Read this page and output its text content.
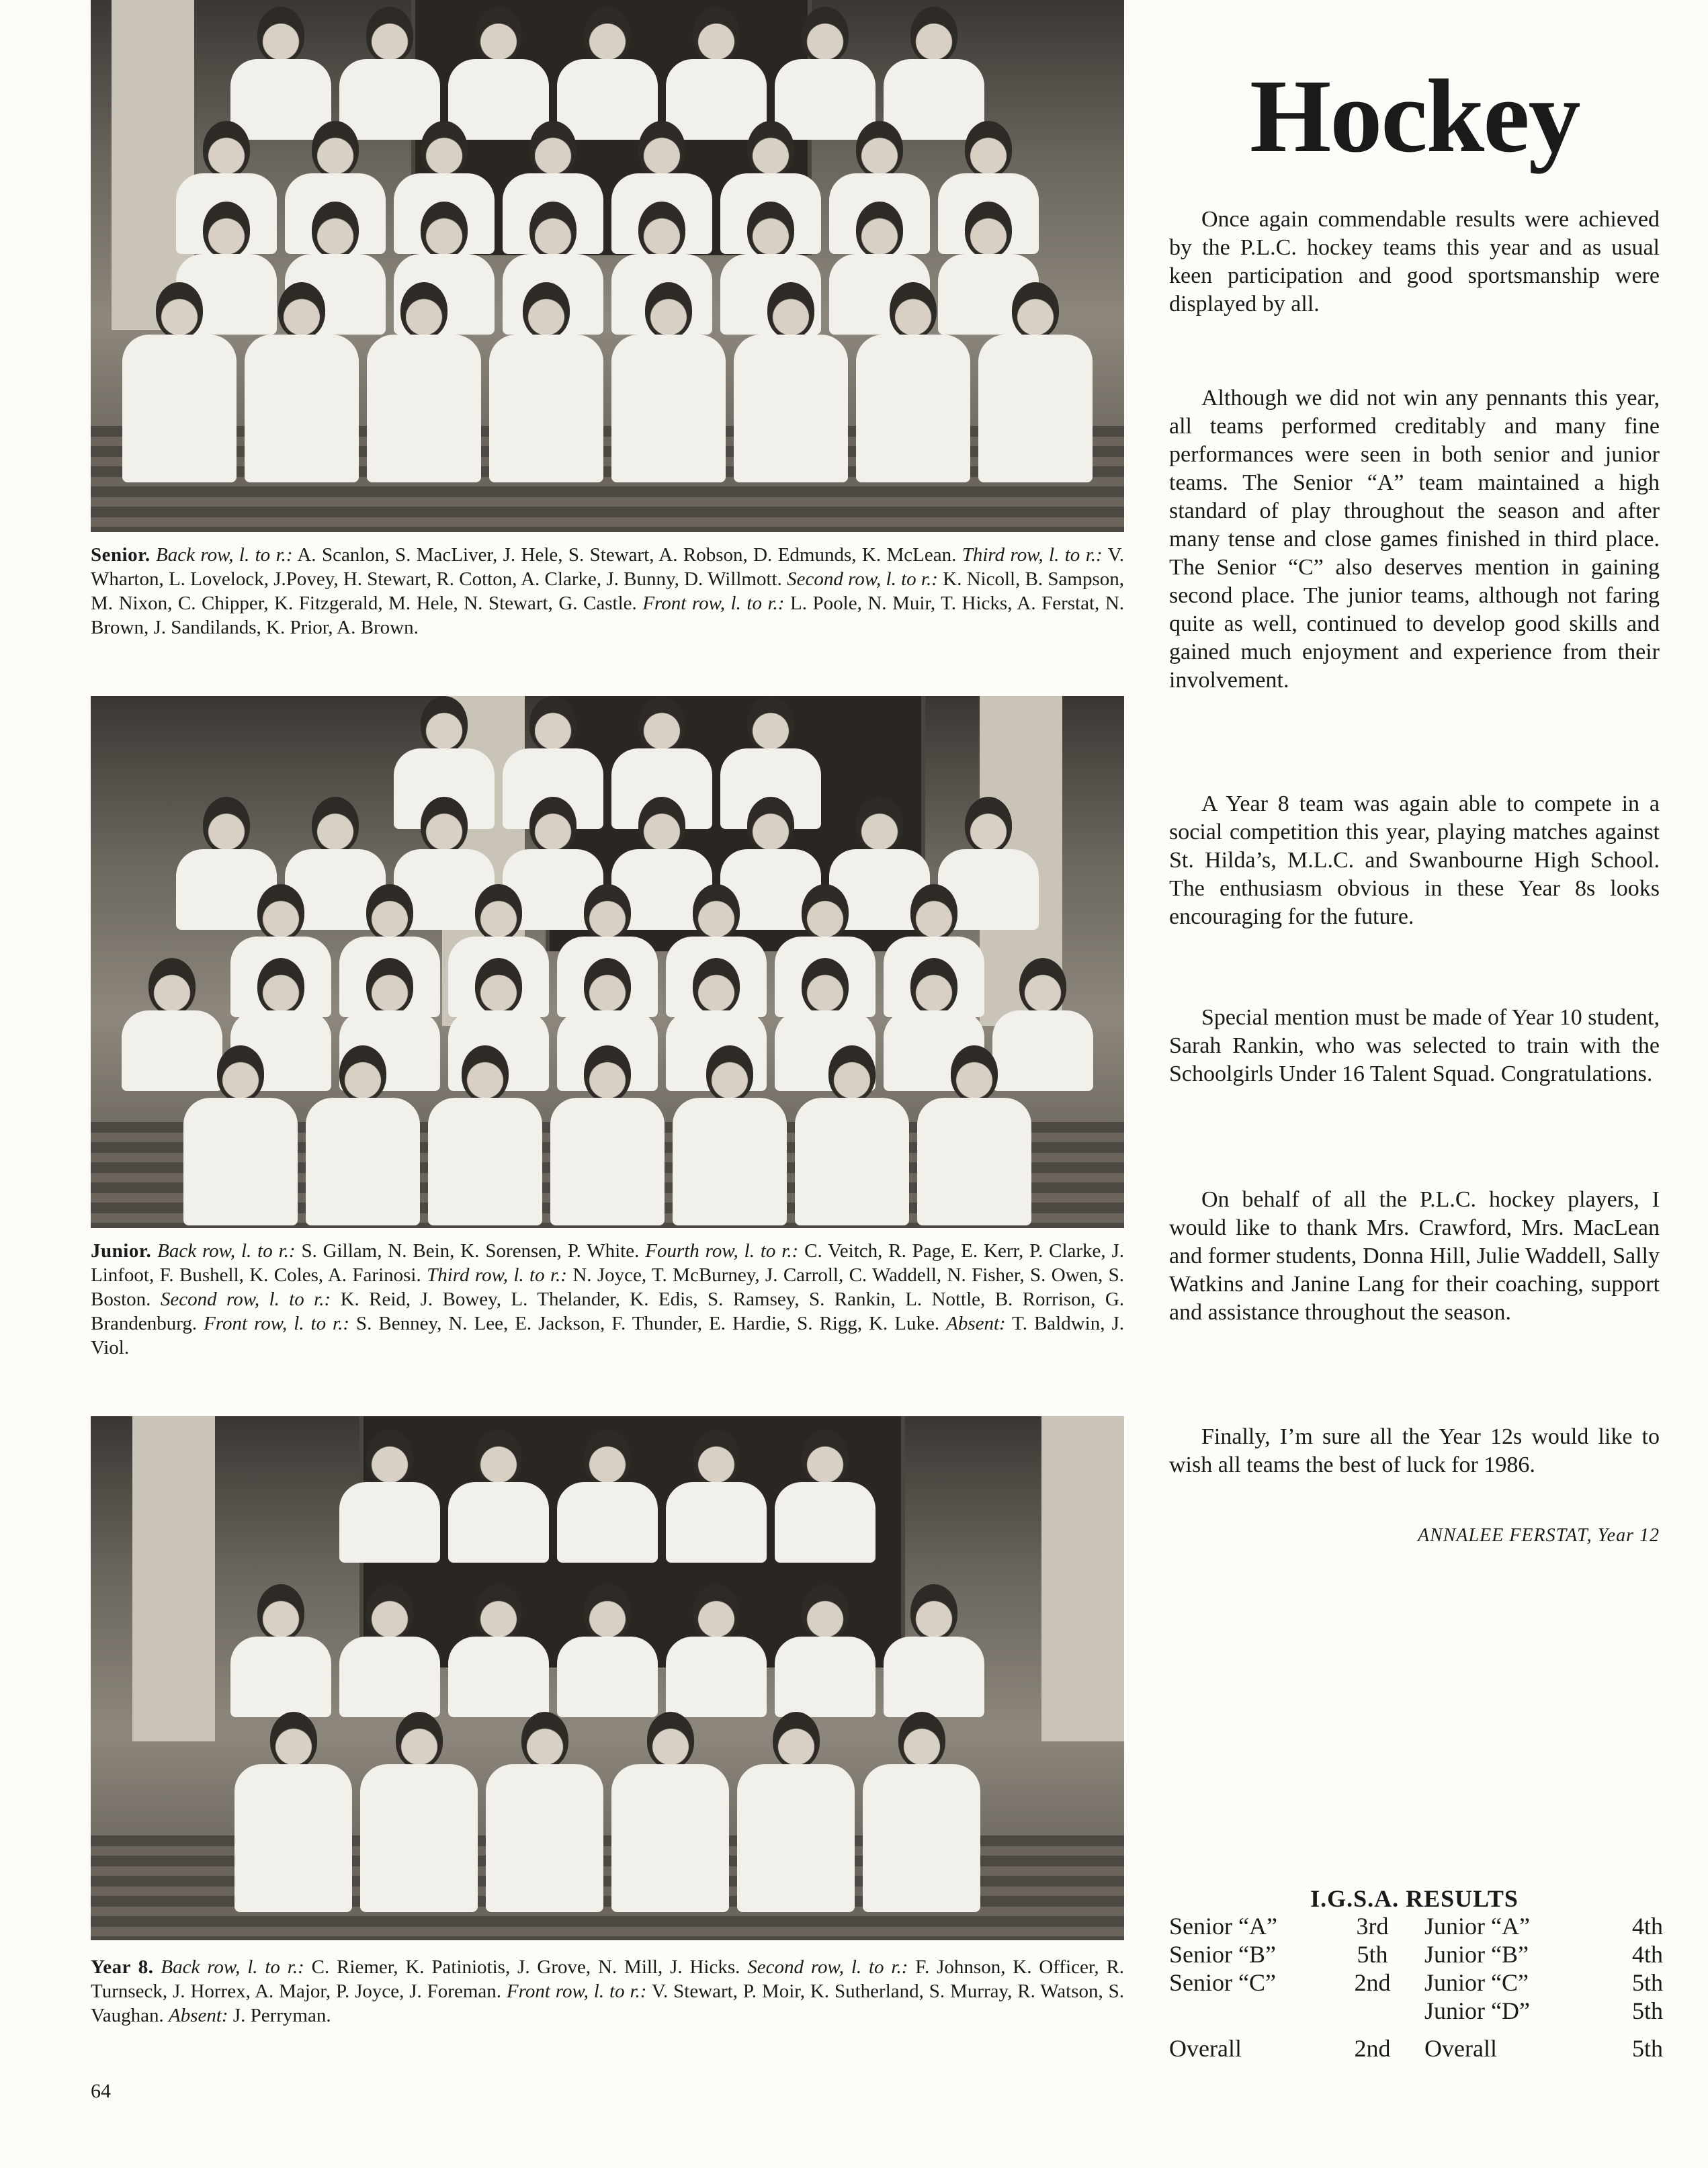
Senior. Back row, l. to r.: A. Scanlon, S. MacLiver, J. Hele, S. Stewart, A. Robson, D. Edmunds, K. McLean. Third row, l. to r.: V. Wharton, L. Lovelock, J.Povey, H. Stewart, R. Cotton, A. Clarke, J. Bunny, D. Willmott. Second row, l. to r.: K. Nicoll, B. Sampson, M. Nixon, C. Chipper, K. Fitzgerald, M. Hele, N. Stewart, G. Castle. Front row, l. to r.: L. Poole, N. Muir, T. Hicks, A. Ferstat, N. Brown, J. Sandilands, K. Prior, A. Brown.
Junior. Back row, l. to r.: S. Gillam, N. Bein, K. Sorensen, P. White. Fourth row, l. to r.: C. Veitch, R. Page, E. Kerr, P. Clarke, J. Linfoot, F. Bushell, K. Coles, A. Farinosi. Third row, l. to r.: N. Joyce, T. McBurney, J. Carroll, C. Waddell, N. Fisher, S. Owen, S. Boston. Second row, l. to r.: K. Reid, J. Bowey, L. Thelander, K. Edis, S. Ramsey, S. Rankin, L. Nottle, B. Rorrison, G. Brandenburg. Front row, l. to r.: S. Benney, N. Lee, E. Jackson, F. Thunder, E. Hardie, S. Rigg, K. Luke. Absent: T. Baldwin, J. Viol.
Year 8. Back row, l. to r.: C. Riemer, K. Patiniotis, J. Grove, N. Mill, J. Hicks. Second row, l. to r.: F. Johnson, K. Officer, R. Turnseck, J. Horrex, A. Major, P. Joyce, J. Foreman. Front row, l. to r.: V. Stewart, P. Moir, K. Sutherland, S. Murray, R. Watson, S. Vaughan. Absent: J. Perryman.
64
Hockey

Once again commendable results were achieved by the P.L.C. hockey teams this year and as usual keen participation and good sportsmanship were displayed by all.

Although we did not win any pennants this year, all teams performed creditably and many fine performances were seen in both senior and junior teams. The Senior “A” team maintained a high standard of play throughout the season and after many tense and close games finished in third place. The Senior “C” also deserves mention in gaining second place. The junior teams, although not faring quite as well, continued to develop good skills and gained much enjoyment and experience from their involvement.

A Year 8 team was again able to compete in a social competition this year, playing matches against St. Hilda’s, M.L.C. and Swanbourne High School. The enthusiasm obvious in these Year 8s looks encouraging for the future.

Special mention must be made of Year 10 student, Sarah Rankin, who was selected to train with the Schoolgirls Under 16 Talent Squad. Congratulations.

On behalf of all the P.L.C. hockey players, I would like to thank Mrs. Crawford, Mrs. MacLean and former students, Donna Hill, Julie Waddell, Sally Watkins and Janine Lang for their coaching, support and assistance throughout the season.

Finally, I’m sure all the Year 12s would like to wish all teams the best of luck for 1986.

ANNALEE FERSTAT, Year 12
I.G.S.A. RESULTS
Senior “A”	3rd	Junior “A”	4th
Senior “B”	5th	Junior “B”	4th
Senior “C”	2nd	Junior “C”	5th
		Junior “D”	5th

Overall	2nd	Overall	5th
